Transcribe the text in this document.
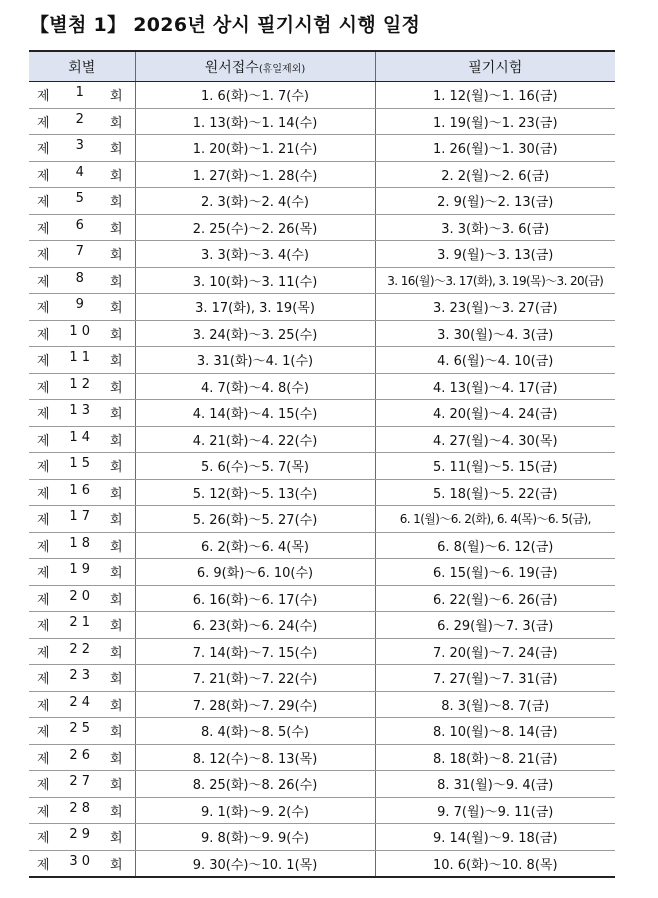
【별첨 1】 2026년 상시 필기시험 시행 일정
회별	원서접수(휴일제외)	필기시험

제 1 회	1. 6(화)～1. 7(수)	1. 12(월)～1. 16(금)

제 2 회	1. 13(화)～1. 14(수)	1. 19(월)～1. 23(금)

제 3 회	1. 20(화)～1. 21(수)	1. 26(월)～1. 30(금)

제 4 회	1. 27(화)～1. 28(수)	2. 2(월)～2. 6(금)

제 5 회	2. 3(화)～2. 4(수)	2. 9(월)～2. 13(금)

제 6 회	2. 25(수)～2. 26(목)	3. 3(화)～3. 6(금)

제 7 회	3. 3(화)～3. 4(수)	3. 9(월)～3. 13(금)

제 8 회	3. 10(화)～3. 11(수)	3. 16(월)～3. 17(화), 3. 19(목)～3. 20(금)

제 9 회	3. 17(화), 3. 19(목)	3. 23(월)～3. 27(금)

제 1 0 회	3. 24(화)～3. 25(수)	3. 30(월)～4. 3(금)

제 1 1 회	3. 31(화)～4. 1(수)	4. 6(월)～4. 10(금)

제 1 2 회	4. 7(화)～4. 8(수)	4. 13(월)～4. 17(금)

제 1 3 회	4. 14(화)～4. 15(수)	4. 20(월)～4. 24(금)

제 1 4 회	4. 21(화)～4. 22(수)	4. 27(월)～4. 30(목)

제 1 5 회	5. 6(수)～5. 7(목)	5. 11(월)～5. 15(금)

제 1 6 회	5. 12(화)～5. 13(수)	5. 18(월)～5. 22(금)

제 1 7 회	5. 26(화)～5. 27(수)	6. 1(월)～6. 2(화), 6. 4(목)～6. 5(금),

제 1 8 회	6. 2(화)～6. 4(목)	6. 8(월)～6. 12(금)

제 1 9 회	6. 9(화)～6. 10(수)	6. 15(월)～6. 19(금)

제 2 0 회	6. 16(화)～6. 17(수)	6. 22(월)～6. 26(금)

제 2 1 회	6. 23(화)～6. 24(수)	6. 29(월)～7. 3(금)

제 2 2 회	7. 14(화)～7. 15(수)	7. 20(월)～7. 24(금)

제 2 3 회	7. 21(화)～7. 22(수)	7. 27(월)～7. 31(금)

제 2 4 회	7. 28(화)～7. 29(수)	8. 3(월)～8. 7(금)

제 2 5 회	8. 4(화)～8. 5(수)	8. 10(월)～8. 14(금)

제 2 6 회	8. 12(수)～8. 13(목)	8. 18(화)～8. 21(금)

제 2 7 회	8. 25(화)～8. 26(수)	8. 31(월)～9. 4(금)

제 2 8 회	9. 1(화)～9. 2(수)	9. 7(월)～9. 11(금)

제 2 9 회	9. 8(화)～9. 9(수)	9. 14(월)～9. 18(금)

제 3 0 회	9. 30(수)～10. 1(목)	10. 6(화)～10. 8(목)
